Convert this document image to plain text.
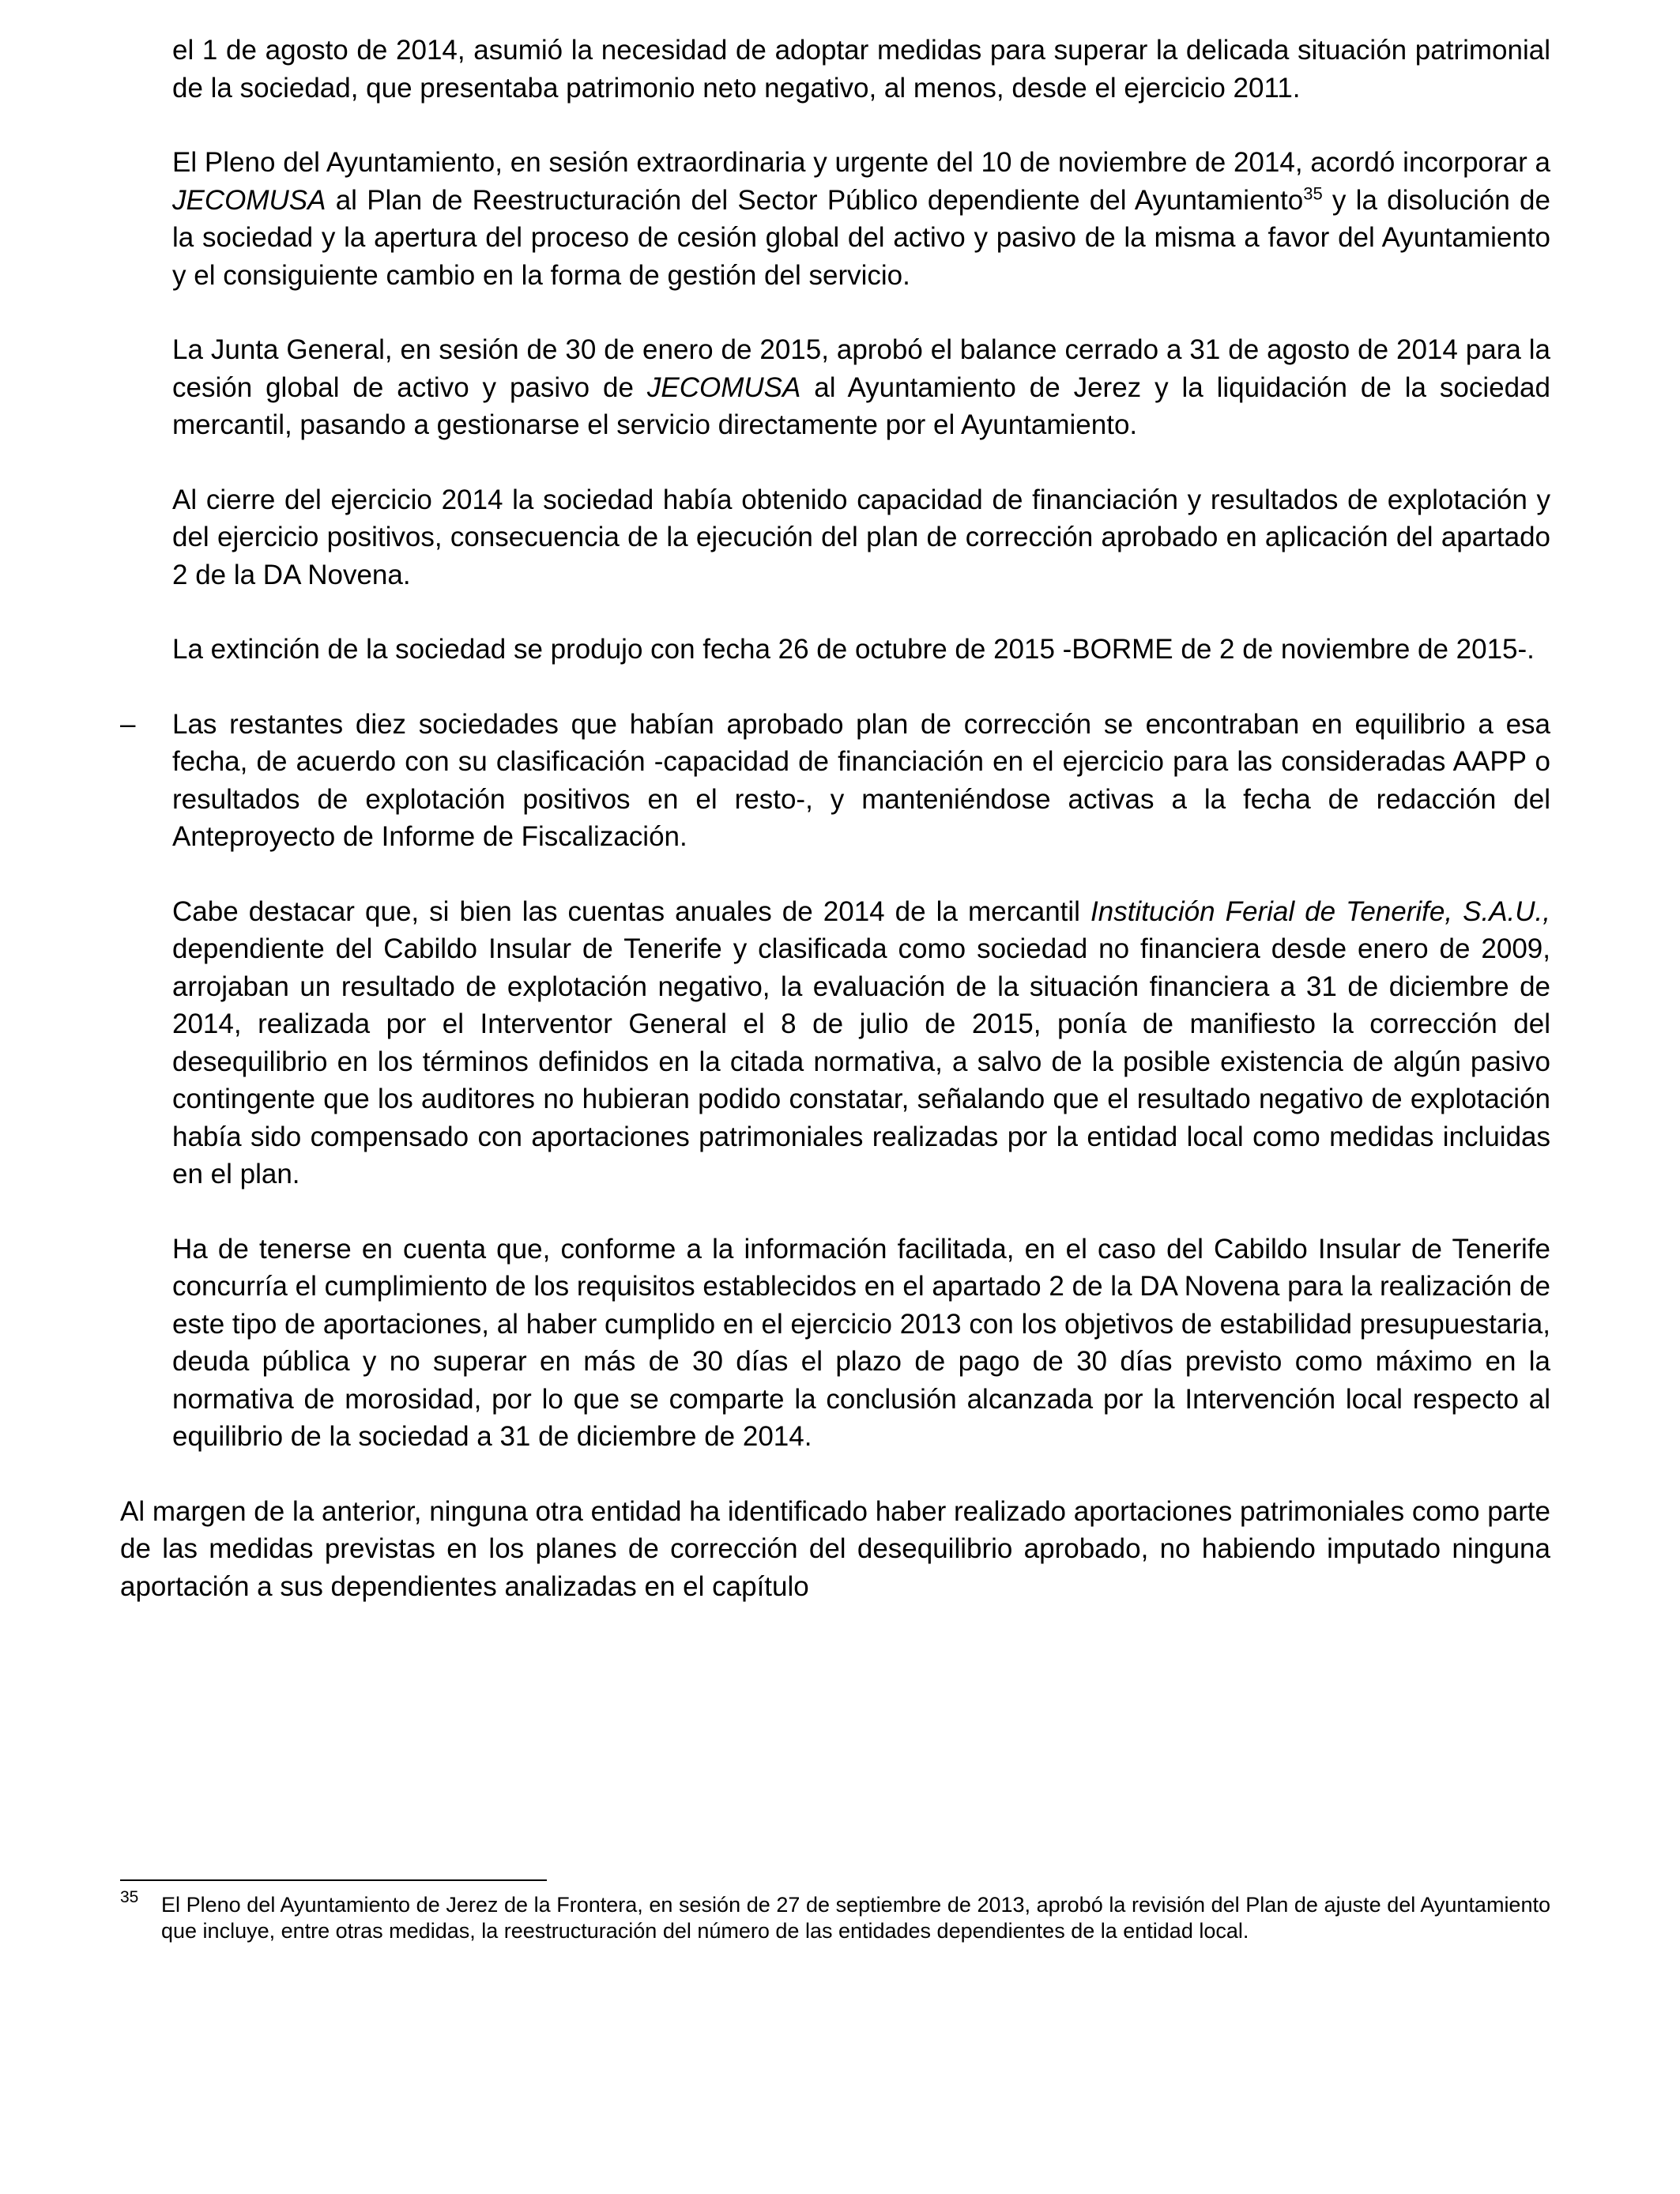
el 1 de agosto de 2014, asumió la necesidad de adoptar medidas para superar la delicada situación patrimonial de la sociedad, que presentaba patrimonio neto negativo, al menos, desde el ejercicio 2011.

El Pleno del Ayuntamiento, en sesión extraordinaria y urgente del 10 de noviembre de 2014, acordó incorporar a JECOMUSA al Plan de Reestructuración del Sector Público dependiente del Ayuntamiento$^{35}$ y la disolución de la sociedad y la apertura del proceso de cesión global del activo y pasivo de la misma a favor del Ayuntamiento y el consiguiente cambio en la forma de gestión del servicio.

La Junta General, en sesión de 30 de enero de 2015, aprobó el balance cerrado a 31 de agosto de 2014 para la cesión global de activo y pasivo de JECOMUSA al Ayuntamiento de Jerez y la liquidación de la sociedad mercantil, pasando a gestionarse el servicio directamente por el Ayuntamiento.

Al cierre del ejercicio 2014 la sociedad había obtenido capacidad de financiación y resultados de explotación y del ejercicio positivos, consecuencia de la ejecución del plan de corrección aprobado en aplicación del apartado 2 de la DA Novena.

La extinción de la sociedad se produjo con fecha 26 de octubre de 2015 -BORME de 2 de noviembre de 2015-.

–	Las restantes diez sociedades que habían aprobado plan de corrección se encontraban en equilibrio a esa fecha, de acuerdo con su clasificación -capacidad de financiación en el ejercicio para las consideradas AAPP o resultados de explotación positivos en el resto-, y manteniéndose activas a la fecha de redacción del Anteproyecto de Informe de Fiscalización.

Cabe destacar que, si bien las cuentas anuales de 2014 de la mercantil Institución Ferial de Tenerife, S.A.U., dependiente del Cabildo Insular de Tenerife y clasificada como sociedad no financiera desde enero de 2009, arrojaban un resultado de explotación negativo, la evaluación de la situación financiera a 31 de diciembre de 2014, realizada por el Interventor General el 8 de julio de 2015, ponía de manifiesto la corrección del desequilibrio en los términos definidos en la citada normativa, a salvo de la posible existencia de algún pasivo contingente que los auditores no hubieran podido constatar, señalando que el resultado negativo de explotación había sido compensado con aportaciones patrimoniales realizadas por la entidad local como medidas incluidas en el plan.

Ha de tenerse en cuenta que, conforme a la información facilitada, en el caso del Cabildo Insular de Tenerife concurría el cumplimiento de los requisitos establecidos en el apartado 2 de la DA Novena para la realización de este tipo de aportaciones, al haber cumplido en el ejercicio 2013 con los objetivos de estabilidad presupuestaria, deuda pública y no superar en más de 30 días el plazo de pago de 30 días previsto como máximo en la normativa de morosidad, por lo que se comparte la conclusión alcanzada por la Intervención local respecto al equilibrio de la sociedad a 31 de diciembre de 2014.

Al margen de la anterior, ninguna otra entidad ha identificado haber realizado aportaciones patrimoniales como parte de las medidas previstas en los planes de corrección del desequilibrio aprobado, no habiendo imputado ninguna aportación a sus dependientes analizadas en el capítulo

35 El Pleno del Ayuntamiento de Jerez de la Frontera, en sesión de 27 de septiembre de 2013, aprobó la revisión del Plan de ajuste del Ayuntamiento que incluye, entre otras medidas, la reestructuración del número de las entidades dependientes de la entidad local.
